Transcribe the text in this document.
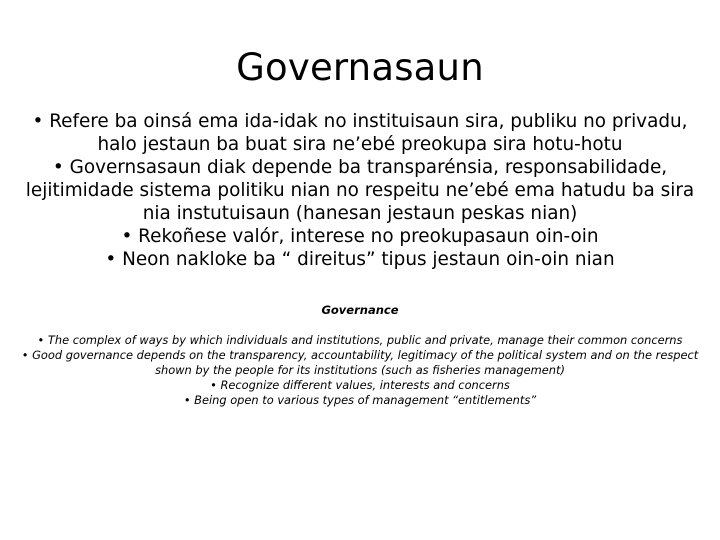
Governasaun
• Refere ba oinsá ema ida-idak no instituisaun sira, publiku no privadu, halo jestaun ba buat sira ne’ebé preokupa sira hotu-hotu
• Governsasaun diak depende ba transparénsia, responsabilidade, lejitimidade sistema politiku nian no respeitu ne’ebé ema hatudu ba sira nia instutuisaun (hanesan jestaun peskas nian)
• Rekoñese valór, interese no preokupasaun oin-oin
• Neon nakloke ba “ direitus” tipus jestaun oin-oin nian
Governance
• The complex of ways by which individuals and institutions, public and private, manage their common concerns
• Good governance depends on the transparency, accountability, legitimacy of the political system and on the respect shown by the people for its institutions (such as fisheries management)
• Recognize different values, interests and concerns
• Being open to various types of management “entitlements”
